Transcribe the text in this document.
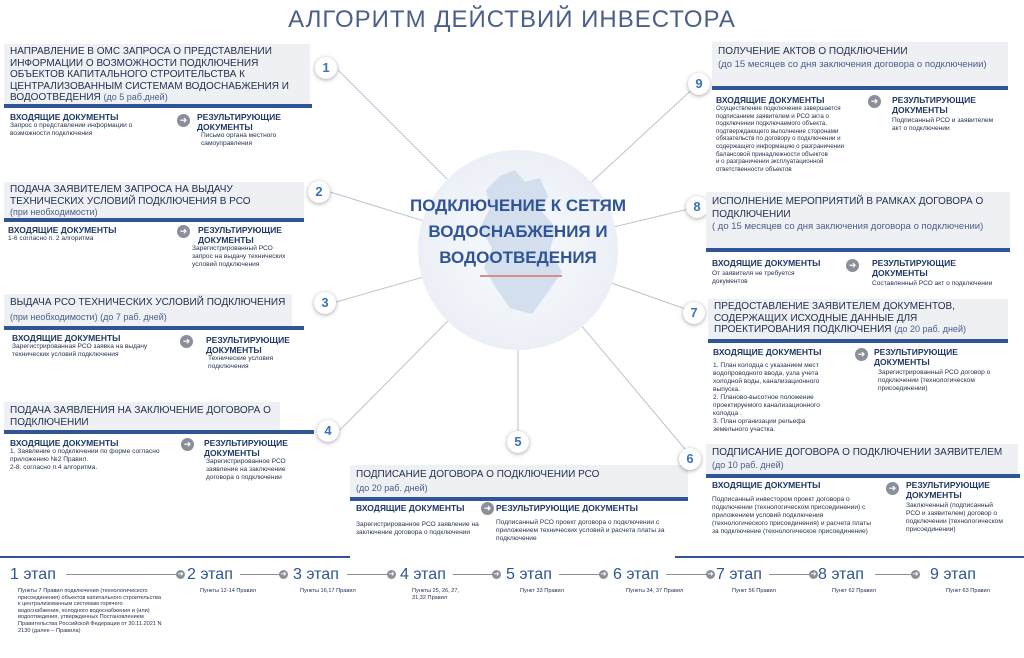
АЛГОРИТМ ДЕЙСТВИЙ ИНВЕСТОРА
ПОДКЛЮЧЕНИЕ К СЕТЯМ ВОДОСНАБЖЕНИЯ И ВОДООТВЕДЕНИЯ
НАПРАВЛЕНИЕ В ОМС ЗАПРОСА О ПРЕДСТАВЛЕНИИ ИНФОРМАЦИИ О ВОЗМОЖНОСТИ ПОДКЛЮЧЕНИЯ ОБЪЕКТОВ КАПИТАЛЬНОГО СТРОИТЕЛЬСТВА К ЦЕНТРАЛИЗОВАННЫМ СИСТЕМАМ ВОДОСНАБЖЕНИЯ И ВОДООТВЕДЕНИЯ (до 5 раб.дней)
1
ВХОДЯЩИЕ ДОКУМЕНТЫ
Запрос о представлении информации о
возможности подключения
➜	РЕЗУЛЬТИРУЮЩИЕ ДОКУМЕНТЫ
Письмо органа местного
самоуправления
ПОДАЧА ЗАЯВИТЕЛЕМ ЗАПРОСА НА ВЫДАЧУ ТЕХНИЧЕСКИХ УСЛОВИЙ ПОДКЛЮЧЕНИЯ В РСО
(при необходимости)
2
ВХОДЯЩИЕ ДОКУМЕНТЫ
1-6 согласно п. 2 алгоритма
➜	РЕЗУЛЬТИРУЮЩИЕ ДОКУМЕНТЫ
Зарегистрированный РСО
запрос на выдачу технических
условий подключения
ВЫДАЧА РСО ТЕХНИЧЕСКИХ УСЛОВИЙ ПОДКЛЮЧЕНИЯ
(при необходимости) (до 7 раб. дней)
3
ВХОДЯЩИЕ ДОКУМЕНТЫ
Зарегистрированная РСО заявка на выдачу
технических условий подключения
➜	РЕЗУЛЬТИРУЮЩИЕ ДОКУМЕНТЫ
Технические условия
подключения
ПОДАЧА ЗАЯВЛЕНИЯ НА ЗАКЛЮЧЕНИЕ ДОГОВОРА О ПОДКЛЮЧЕНИИ
4
ВХОДЯЩИЕ ДОКУМЕНТЫ
1. Заявление о подключении по форме согласно
приложению №2 Правил.
2-8. согласно п.4 алгоритма.
➜	РЕЗУЛЬТИРУЮЩИЕ ДОКУМЕНТЫ
Зарегистрированное РСО
заявление на заключение
договора о подключении
5
ПОДПИСАНИЕ ДОГОВОРА О ПОДКЛЮЧЕНИИ РСО
(до 20 раб. дней)
ВХОДЯЩИЕ ДОКУМЕНТЫ
Зарегистрированное РСО заявление на
заключение договора о подключении
➜ РЕЗУЛЬТИРУЮЩИЕ ДОКУМЕНТЫ
Подписанный РСО проект договора о подключении с
приложением технических условий и расчета платы за
подключение
6	ПОДПИСАНИЕ ДОГОВОРА О ПОДКЛЮЧЕНИИ ЗАЯВИТЕЛЕМ
(до 10 раб. дней)
ВХОДЯЩИЕ ДОКУМЕНТЫ
Подписанный инвестором проект договора о
подключении (технологическом присоединении) с
приложением условий подключения
(технологического присоединения) и расчета платы
за подключение (технологическое присоединение)
➜	РЕЗУЛЬТИРУЮЩИЕ ДОКУМЕНТЫ
Заключенный (подписанный
РСО и заявителем) договор о
подключении (технологическом
присоединении)
7	ПРЕДОСТАВЛЕНИЕ ЗАЯВИТЕЛЕМ ДОКУМЕНТОВ, СОДЕРЖАЩИХ ИСХОДНЫЕ ДАННЫЕ ДЛЯ ПРОЕКТИРОВАНИЯ ПОДКЛЮЧЕНИЯ (до 20 раб. дней)
ВХОДЯЩИЕ ДОКУМЕНТЫ
1. План колодца с указанием мест
водопроводного ввода, узла учета
холодной воды, канализационного
выпуска.
2. Планово-высотное положение
проектируемого канализационного
колодца .
3. План организации рельефа
земельного участка.
➜	РЕЗУЛЬТИРУЮЩИЕ ДОКУМЕНТЫ
Зарегистрированный РСО договор о
подключении (технологическом
присоединении)
8	ИСПОЛНЕНИЕ МЕРОПРИЯТИЙ В РАМКАХ ДОГОВОРА О ПОДКЛЮЧЕНИИ
( до 15 месяцев со дня заключения договора о подключении)
ВХОДЯЩИЕ ДОКУМЕНТЫ
От заявителя не требуется
документов
➜	РЕЗУЛЬТИРУЮЩИЕ ДОКУМЕНТЫ
Составленный РСО акт о подключении
9
ПОЛУЧЕНИЕ АКТОВ О ПОДКЛЮЧЕНИИ
(до 15 месяцев со дня заключения договора о подключении)
ВХОДЯЩИЕ ДОКУМЕНТЫ
Осуществление подключения завершается
подписанием заявителем и РСО акта о
подключении подключаемого объекта,
подтверждающего выполнение сторонами
обязательств по договору о подключении и
содержащего информацию о разграничении
балансовой принадлежности объектов
и о разграничении эксплуатационной
ответственности объектов
➜	РЕЗУЛЬТИРУЮЩИЕ ДОКУМЕНТЫ
Подписанный РСО и заявителем
акт о подключении
1 этап	➜
Пункты 7 Правил подключения (технологического
присоединения) объектов капитального строительства
к централизованным системам горячего
водоснабжения, холодного водоснабжения и (или)
водоотведения, утвержденных Постановлением
Правительства Российской Федерации от 30.11.2021 N
2130 (далее – Правила)
2 этап	➜
Пункты 12-14 Правил
3 этап	➜
Пункты 16,17 Правил
4 этап	➜
Пункты 25, 26, 27,
31,32 Правил
5 этап	➜
Пункт 33 Правил
6 этап	➜
Пункты 34, 37 Правил
7 этап	➜
Пункт 56 Правил
8 этап	➜
Пункт 62 Правил
9 этап
Пункт 63 Правил
